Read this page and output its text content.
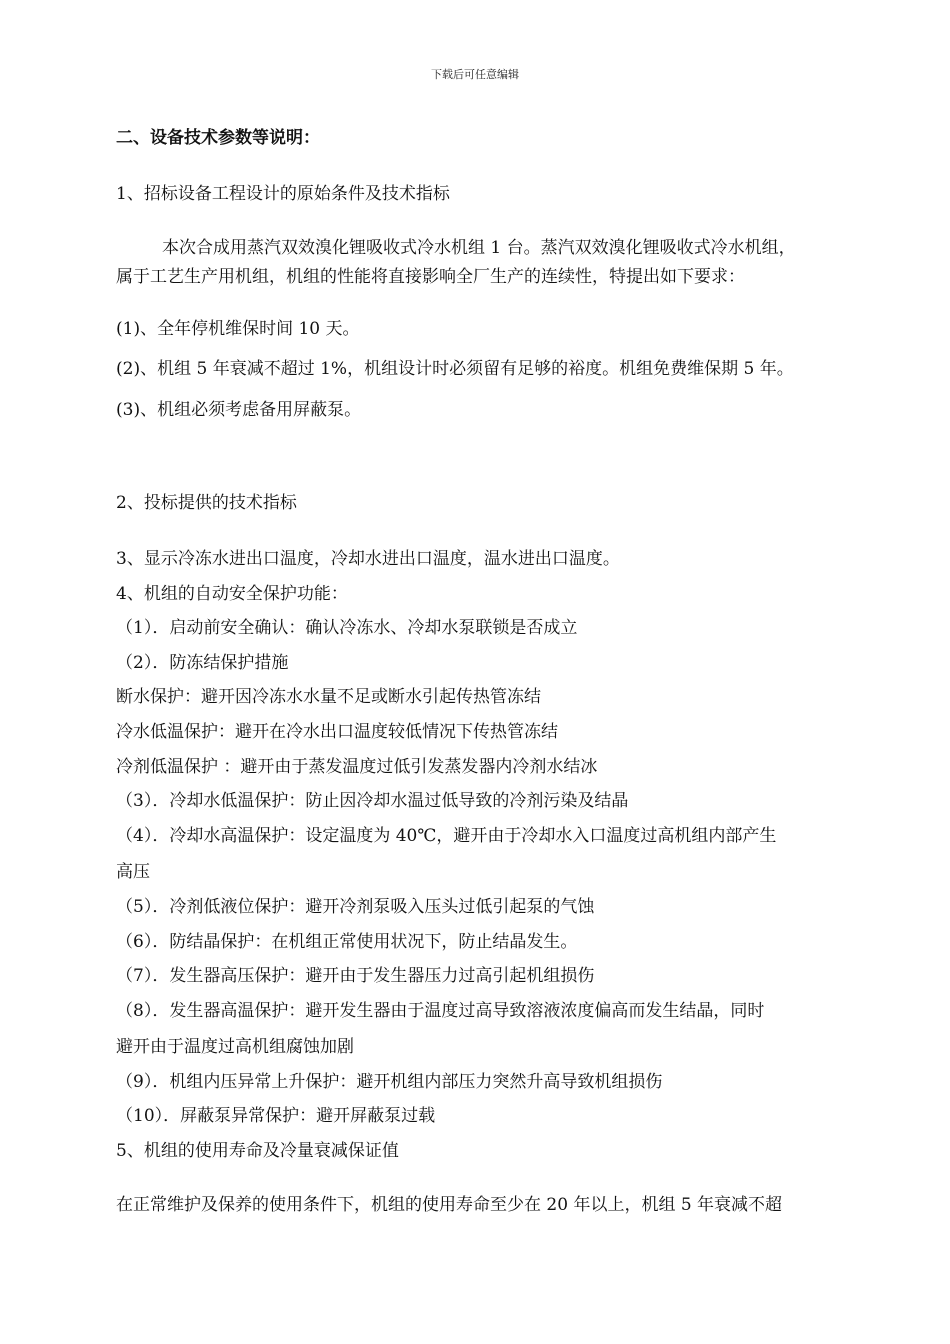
下载后可任意编辑
二、设备技术参数等说明：
1、招标设备工程设计的原始条件及技术指标
本次合成用蒸汽双效溴化锂吸收式冷水机组 1 台。蒸汽双效溴化锂吸收式冷水机组，
属于工艺生产用机组，机组的性能将直接影响全厂生产的连续性，特提出如下要求：
(1)、全年停机维保时间 10 天。
(2)、机组 5 年衰减不超过 1%，机组设计时必须留有足够的裕度。机组免费维保期 5 年。
(3)、机组必须考虑备用屏蔽泵。
2、投标提供的技术指标
3、显示冷冻水进出口温度，冷却水进出口温度，温水进出口温度。
4、机组的自动安全保护功能：
（1）．启动前安全确认：确认冷冻水、冷却水泵联锁是否成立
（2）．防冻结保护措施
断水保护：避开因冷冻水水量不足或断水引起传热管冻结
冷水低温保护：避开在冷水出口温度较低情况下传热管冻结
冷剂低温保护 ：避开由于蒸发温度过低引发蒸发器内冷剂水结冰
（3）．冷却水低温保护：防止因冷却水温过低导致的冷剂污染及结晶
（4）．冷却水高温保护：设定温度为 40℃，避开由于冷却水入口温度过高机组内部产生
高压
（5）．冷剂低液位保护：避开冷剂泵吸入压头过低引起泵的气蚀
（6）．防结晶保护：在机组正常使用状况下，防止结晶发生。
（7）．发生器高压保护：避开由于发生器压力过高引起机组损伤
（8）．发生器高温保护：避开发生器由于温度过高导致溶液浓度偏高而发生结晶，同时
避开由于温度过高机组腐蚀加剧
（9）．机组内压异常上升保护：避开机组内部压力突然升高导致机组损伤
（10）．屏蔽泵异常保护：避开屏蔽泵过载
5、机组的使用寿命及冷量衰减保证值
在正常维护及保养的使用条件下，机组的使用寿命至少在 20 年以上，机组 5 年衰减不超
